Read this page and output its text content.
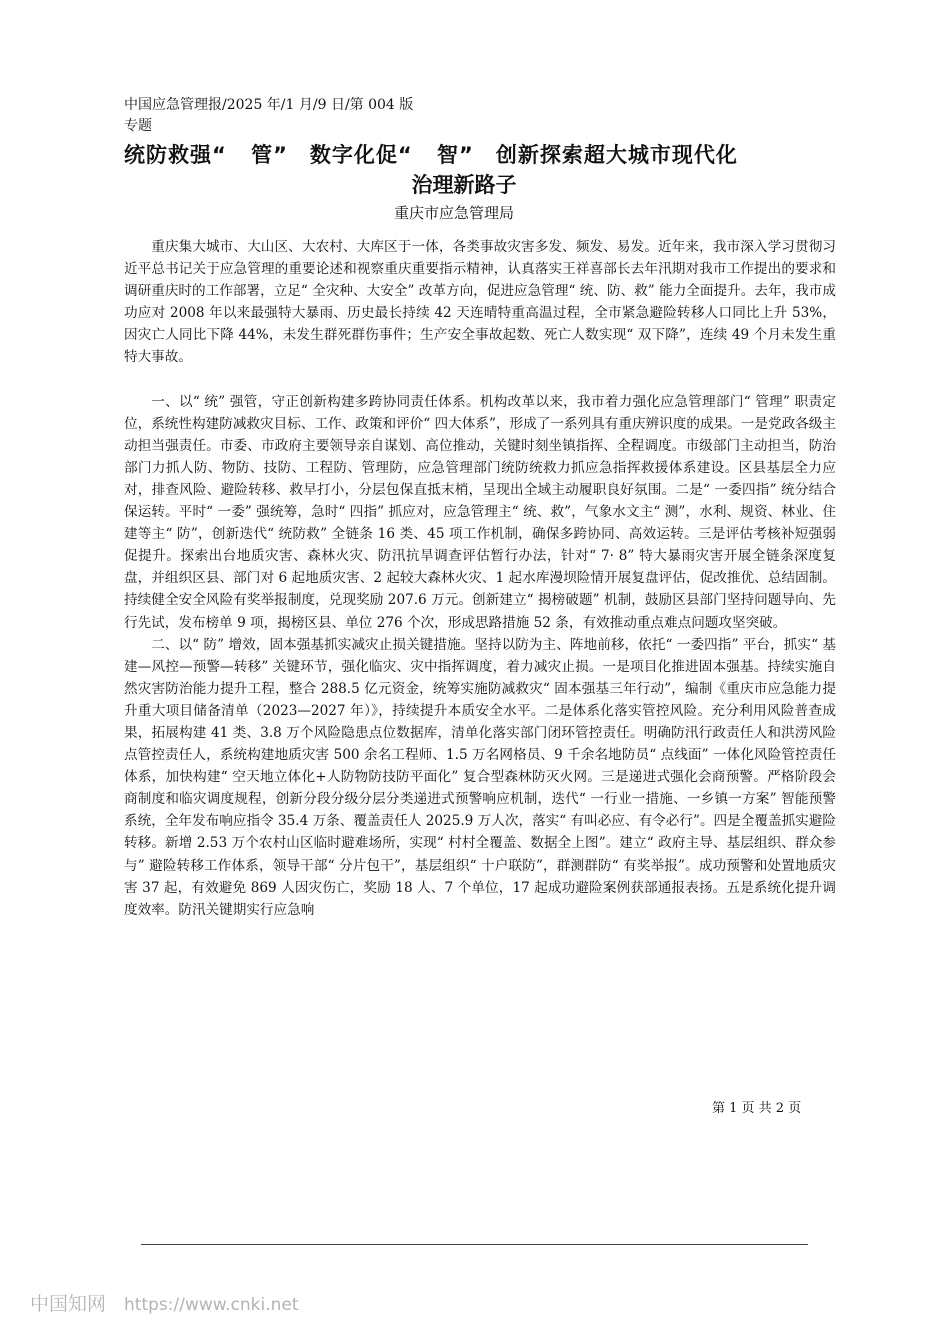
中国应急管理报/2025 年/1 月/9 日/第 004 版专题
统防救强“ 管”　数字化促“ 智”　创新探索超大城市现代化
治理新路子
重庆市应急管理局

重庆集大城市、大山区、大农村、大库区于一体，各类事故灾害多发、频发、易发。近年来，我市深入学习贯彻习近平总书记关于应急管理的重要论述和视察重庆重要指示精神，认真落实王祥喜部长去年汛期对我市工作提出的要求和调研重庆时的工作部署，立足“ 全灾种、大安全” 改革方向，促进应急管理“ 统、防、救” 能力全面提升。去年，我市成功应对 2008 年以来最强特大暴雨、历史最长持续 42 天连晴特重高温过程，全市紧急避险转移人口同比上升 53%，因灾亡人同比下降 44%，未发生群死群伤事件；生产安全事故起数、死亡人数实现“ 双下降”，连续 49 个月未发生重特大事故。

一、以“ 统” 强管，守正创新构建多跨协同责任体系。机构改革以来，我市着力强化应急管理部门“ 管理” 职责定位，系统性构建防减救灾目标、工作、政策和评价“ 四大体系”，形成了一系列具有重庆辨识度的成果。一是党政各级主动担当强责任。市委、市政府主要领导亲自谋划、高位推动，关键时刻坐镇指挥、全程调度。市级部门主动担当，防治部门力抓人防、物防、技防、工程防、管理防，应急管理部门统防统救力抓应急指挥救援体系建设。区县基层全力应对，排查风险、避险转移、救早打小，分层包保直抵末梢，呈现出全域主动履职良好氛围。二是“ 一委四指” 统分结合保运转。平时“ 一委” 强统筹，急时“ 四指” 抓应对，应急管理主“ 统、救”，气象水文主“ 测”，水利、规资、林业、住建等主“ 防”，创新迭代“ 统防救” 全链条 16 类、45 项工作机制，确保多跨协同、高效运转。三是评估考核补短强弱促提升。探索出台地质灾害、森林火灾、防汛抗旱调查评估暂行办法，针对“ 7· 8” 特大暴雨灾害开展全链条深度复盘，并组织区县、部门对 6 起地质灾害、2 起较大森林火灾、1 起水库漫坝险情开展复盘评估，促改推优、总结固制。持续健全安全风险有奖举报制度，兑现奖励 207.6 万元。创新建立“ 揭榜破题” 机制，鼓励区县部门坚持问题导向、先行先试，发布榜单 9 项，揭榜区县、单位 276 个次，形成思路措施 52 条，有效推动重点难点问题攻坚突破。

二、以“ 防” 增效，固本强基抓实减灾止损关键措施。坚持以防为主、阵地前移，依托“ 一委四指” 平台，抓实“ 基建—风控—预警—转移” 关键环节，强化临灾、灾中指挥调度，着力减灾止损。一是项目化推进固本强基。持续实施自然灾害防治能力提升工程，整合 288.5 亿元资金，统筹实施防减救灾“ 固本强基三年行动”，编制《重庆市应急能力提升重大项目储备清单（2023—2027 年）》，持续提升本质安全水平。二是体系化落实管控风险。充分利用风险普查成果，拓展构建 41 类、3.8 万个风险隐患点位数据库，清单化落实部门闭环管控责任。明确防汛行政责任人和洪涝风险点管控责任人，系统构建地质灾害 500 余名工程师、1.5 万名网格员、9 千余名地防员“ 点线面” 一体化风险管控责任体系，加快构建“ 空天地立体化+人防物防技防平面化” 复合型森林防灭火网。三是递进式强化会商预警。严格阶段会商制度和临灾调度规程，创新分段分级分层分类递进式预警响应机制，迭代“ 一行业一措施、一乡镇一方案” 智能预警系统，全年发布响应指令 35.4 万条、覆盖责任人 2025.9 万人次，落实“ 有叫必应、有令必行”。四是全覆盖抓实避险转移。新增 2.53 万个农村山区临时避难场所，实现“ 村村全覆盖、数据全上图”。建立“ 政府主导、基层组织、群众参与” 避险转移工作体系，领导干部“ 分片包干”，基层组织“ 十户联防”，群测群防“ 有奖举报”。成功预警和处置地质灾害 37 起，有效避免 869 人因灾伤亡，奖励 18 人、7 个单位，17 起成功避险案例获部通报表扬。五是系统化提升调度效率。防汛关键期实行应急响

第 1 页 共 2 页
中国知网 https://www.cnki.net
